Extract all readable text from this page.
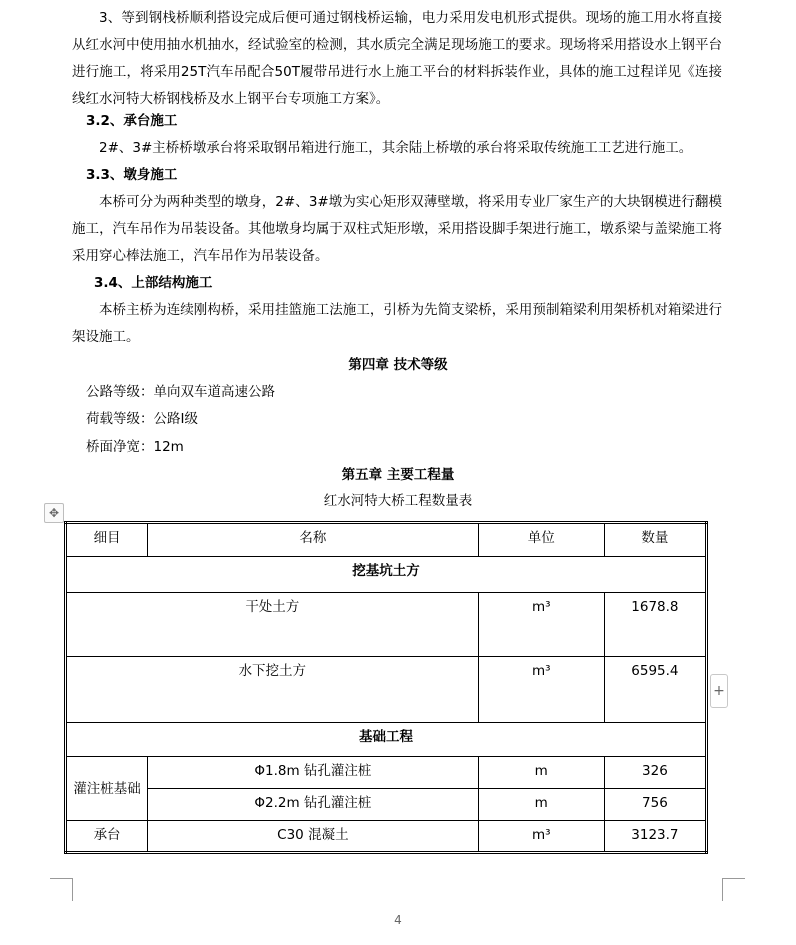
3、等到钢栈桥顺利搭设完成后便可通过钢栈桥运输，电力采用发电机形式提供。现场的施工用水将直接从红水河中使用抽水机抽水，经试验室的检测，其水质完全满足现场施工的要求。现场将采用搭设水上钢平台进行施工，将采用25T汽车吊配合50T履带吊进行水上施工平台的材料拆装作业，具体的施工过程详见《连接线红水河特大桥钢栈桥及水上钢平台专项施工方案》。

3.2、承台施工

2#、3#主桥桥墩承台将采取钢吊箱进行施工，其余陆上桥墩的承台将采取传统施工工艺进行施工。

3.3、墩身施工

本桥可分为两种类型的墩身，2#、3#墩为实心矩形双薄壁墩，将采用专业厂家生产的大块钢模进行翻模施工，汽车吊作为吊装设备。其他墩身均属于双柱式矩形墩，采用搭设脚手架进行施工，墩系梁与盖梁施工将采用穿心棒法施工，汽车吊作为吊装设备。

3.4、上部结构施工

本桥主桥为连续刚构桥，采用挂篮施工法施工，引桥为先简支梁桥，采用预制箱梁利用架桥机对箱梁进行架设施工。

第四章 技术等级

公路等级：单向双车道高速公路

荷载等级：公路Ⅰ级

桥面净宽：12m

第五章 主要工程量

红水河特大桥工程数量表

✥
细目	名称	单位	数量
挖基坑土方			
干处土方		m³	1678.8
水下挖土方		m³	6595.4
基础工程			
灌注桩基础	Φ1.8m 钻孔灌注桩	m	326
	Φ2.2m 钻孔灌注桩	m	756
承台	C30 混凝土	m³	3123.7
+
4
